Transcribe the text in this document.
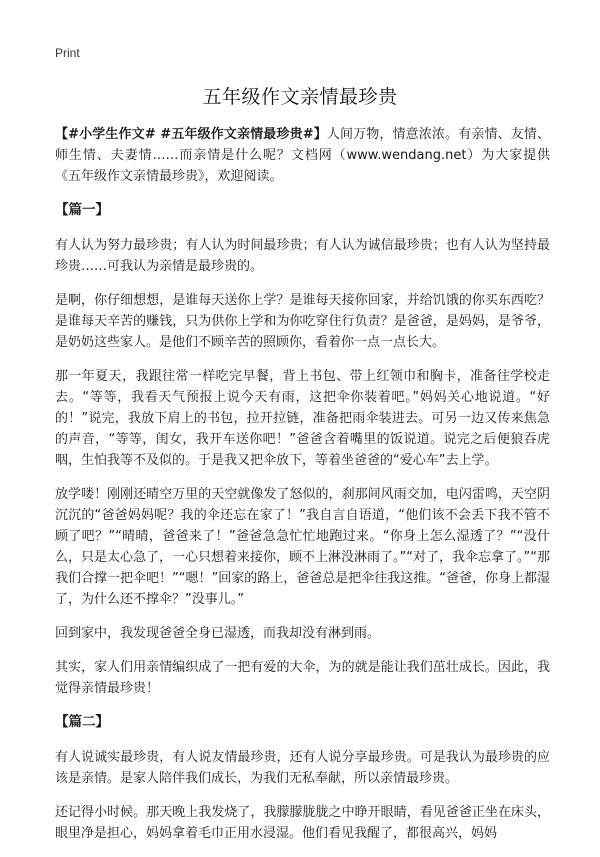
Print
五年级作文亲情最珍贵

【#小学生作文# #五年级作文亲情最珍贵#】人间万物，情意浓浓。有亲情、友情、师生情、夫妻情……而亲情是什么呢？文档网（www.wendang.net）为大家提供《五年级作文亲情最珍贵》，欢迎阅读。

【篇一】

有人认为努力最珍贵；有人认为时间最珍贵；有人认为诚信最珍贵；也有人认为坚持最珍贵……可我认为亲情是最珍贵的。

是啊，你仔细想想，是谁每天送你上学？是谁每天接你回家，并给饥饿的你买东西吃？是谁每天辛苦的赚钱，只为供你上学和为你吃穿住行负责？是爸爸，是妈妈，是爷爷，是奶奶这些家人。是他们不顾辛苦的照顾你，看着你一点一点长大。

那一年夏天，我跟往常一样吃完早餐，背上书包、带上红领巾和胸卡，准备往学校走去。“等等，我看天气预报上说今天有雨，这把伞你装着吧。”妈妈关心地说道。“好的！”说完，我放下肩上的书包，拉开拉链，准备把雨伞装进去。可另一边又传来焦急的声音，“等等，闺女，我开车送你吧！”爸爸含着嘴里的饭说道。说完之后便狼吞虎咽，生怕我等不及似的。于是我又把伞放下，等着坐爸爸的“爱心车”去上学。

放学喽！刚刚还晴空万里的天空就像发了怒似的，刹那间风雨交加，电闪雷鸣，天空阴沉沉的“爸爸妈妈呢？我的伞还忘在家了！”我自言自语道，“他们该不会丢下我不管不顾了吧？”“晴晴，爸爸来了！”爸爸急急忙忙地跑过来。“你身上怎么湿透了？”“没什么，只是太心急了，一心只想着来接你，顾不上淋没淋雨了。”“对了，我伞忘拿了。”“那我们合撑一把伞吧！”“嗯！”回家的路上，爸爸总是把伞往我这推。“爸爸，你身上都湿了，为什么还不撑伞？”没事儿。”

回到家中，我发现爸爸全身已湿透，而我却没有淋到雨。

其实，家人们用亲情编织成了一把有爱的大伞，为的就是能让我们茁壮成长。因此，我觉得亲情最珍贵！

【篇二】

有人说诚实最珍贵，有人说友情最珍贵，还有人说分享最珍贵。可是我认为最珍贵的应该是亲情。是家人陪伴我们成长，为我们无私奉献，所以亲情最珍贵。

还记得小时候。那天晚上我发烧了，我朦朦胧胧之中睁开眼睛，看见爸爸正坐在床头，眼里净是担心，妈妈拿着毛巾正用水浸湿。他们看见我醒了，都很高兴，妈妈
